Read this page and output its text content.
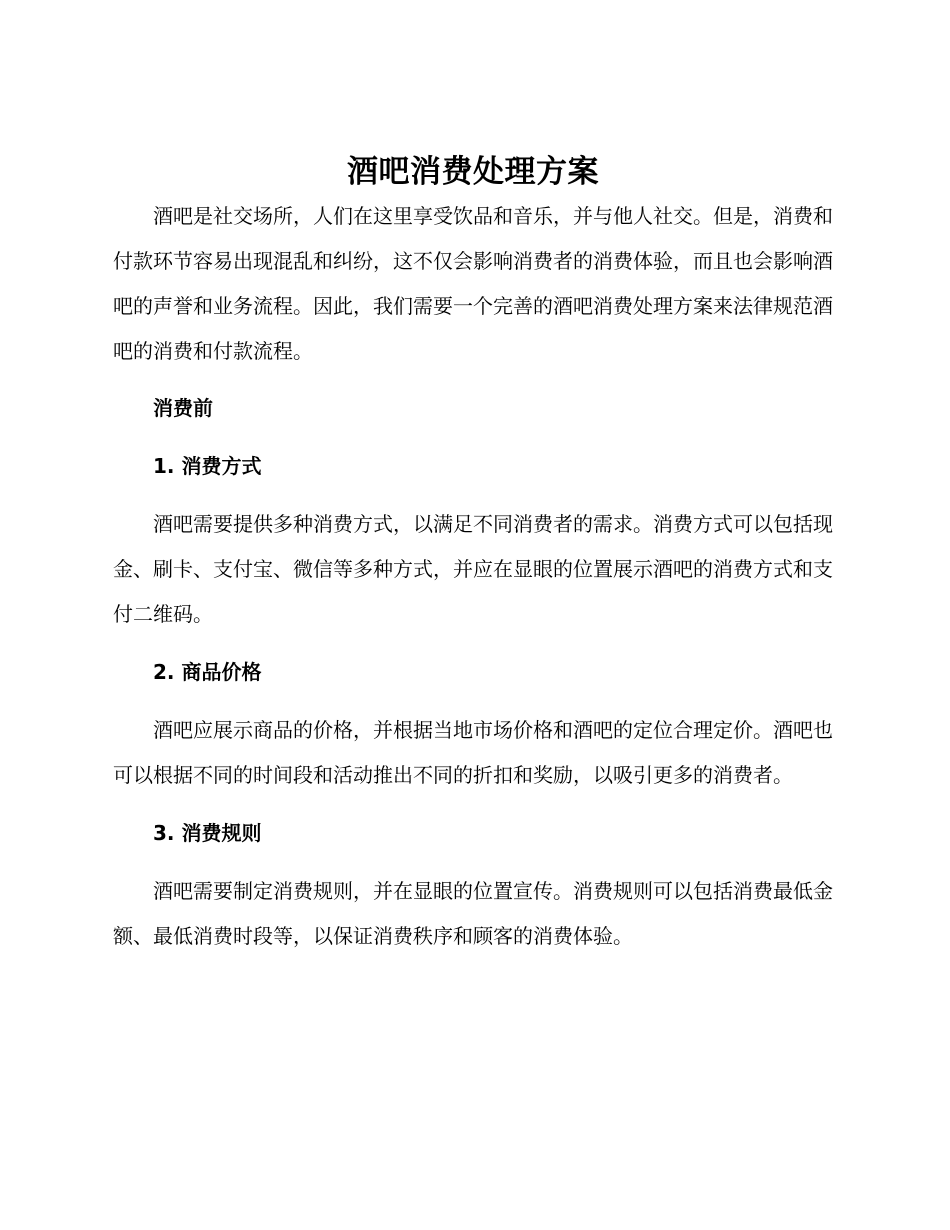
酒吧消费处理方案

酒吧是社交场所，人们在这里享受饮品和音乐，并与他人社交。但是，消费和付款环节容易出现混乱和纠纷，这不仅会影响消费者的消费体验，而且也会影响酒吧的声誉和业务流程。因此，我们需要一个完善的酒吧消费处理方案来法律规范酒吧的消费和付款流程。

消费前

1. 消费方式

酒吧需要提供多种消费方式，以满足不同消费者的需求。消费方式可以包括现金、刷卡、支付宝、微信等多种方式，并应在显眼的位置展示酒吧的消费方式和支付二维码。

2. 商品价格

酒吧应展示商品的价格，并根据当地市场价格和酒吧的定位合理定价。酒吧也可以根据不同的时间段和活动推出不同的折扣和奖励，以吸引更多的消费者。

3. 消费规则

酒吧需要制定消费规则，并在显眼的位置宣传。消费规则可以包括消费最低金额、最低消费时段等，以保证消费秩序和顾客的消费体验。
